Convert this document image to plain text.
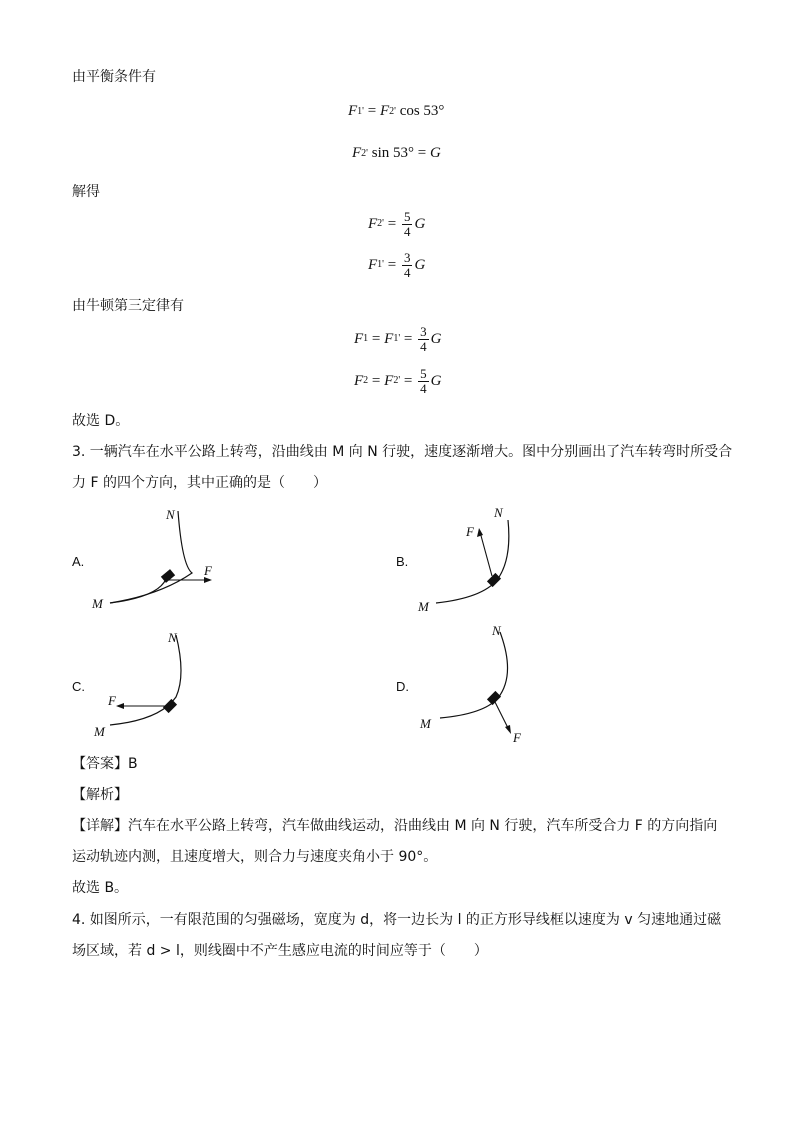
由平衡条件有
F 1 ' = F 2 '
cos 53°
F 2 '
sin 53° = G
解得
F 2 ' = $\frac{5}{4}$ G
F 1 ' = $\frac{3}{4}$ G
由牛顿第三定律有
F 1 = F 1 ' = $\frac{3}{4}$ G
F 2 = F 2 ' = $\frac{5}{4}$ G
故选 D。
3. 一辆汽车在水平公路上转弯，沿曲线由 M 向 N 行驶，速度逐渐增大。图中分别画出了汽车转弯时所受合
力 F 的四个方向，其中正确的是（　　）
A.
M
N
F
B.
M
N
F
C.
M
N
F
D.
M
N
F
【答案】B
【解析】
【详解】汽车在水平公路上转弯，汽车做曲线运动，沿曲线由 M 向 N 行驶，汽车所受合力 F 的方向指向
运动轨迹内测，且速度增大，则合力与速度夹角小于 90°。
故选 B。
4. 如图所示，一有限范围的匀强磁场，宽度为 d，将一边长为 l 的正方形导线框以速度为 v 匀速地通过磁
场区域，若 d > l，则线圈中不产生感应电流的时间应等于（　　）
